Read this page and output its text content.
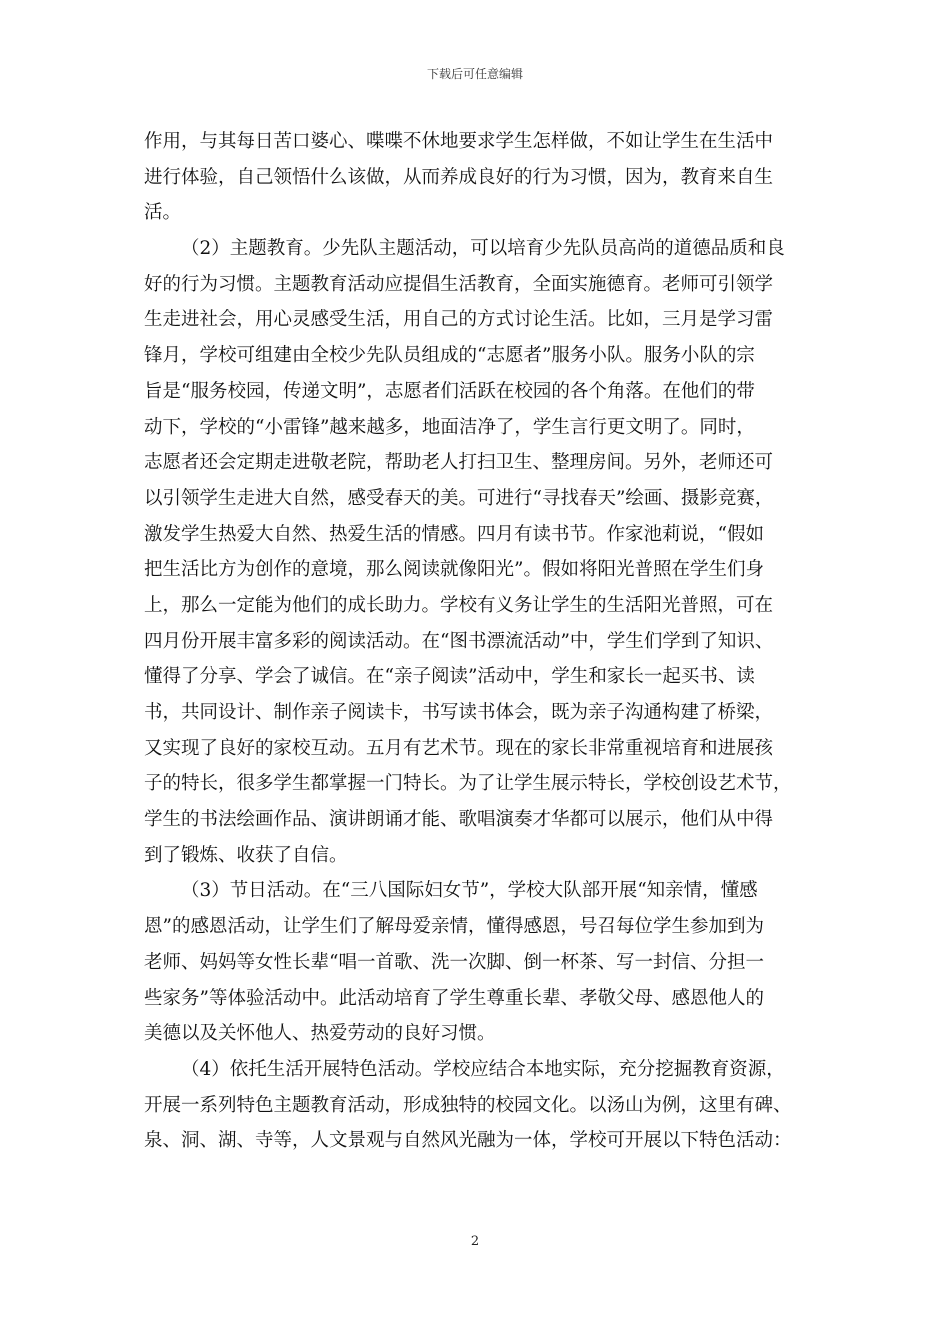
下载后可任意编辑
作用，与其每日苦口婆心、喋喋不休地要求学生怎样做，不如让学生在生活中
进行体验，自己领悟什么该做，从而养成良好的行为习惯，因为，教育来自生
活。
（2）主题教育。少先队主题活动，可以培育少先队员高尚的道德品质和良
好的行为习惯。主题教育活动应提倡生活教育，全面实施德育。老师可引领学
生走进社会，用心灵感受生活，用自己的方式讨论生活。比如，三月是学习雷
锋月，学校可组建由全校少先队员组成的“志愿者”服务小队。服务小队的宗
旨是“服务校园，传递文明”，志愿者们活跃在校园的各个角落。在他们的带
动下，学校的“小雷锋”越来越多，地面洁净了，学生言行更文明了。同时，
志愿者还会定期走进敬老院，帮助老人打扫卫生、整理房间。另外，老师还可
以引领学生走进大自然，感受春天的美。可进行“寻找春天”绘画、摄影竞赛，
激发学生热爱大自然、热爱生活的情感。四月有读书节。作家池莉说，“假如
把生活比方为创作的意境，那么阅读就像阳光”。假如将阳光普照在学生们身
上，那么一定能为他们的成长助力。学校有义务让学生的生活阳光普照，可在
四月份开展丰富多彩的阅读活动。在“图书漂流活动”中，学生们学到了知识、
懂得了分享、学会了诚信。在“亲子阅读”活动中，学生和家长一起买书、读
书，共同设计、制作亲子阅读卡，书写读书体会，既为亲子沟通构建了桥梁，
又实现了良好的家校互动。五月有艺术节。现在的家长非常重视培育和进展孩
子的特长，很多学生都掌握一门特长。为了让学生展示特长，学校创设艺术节，
学生的书法绘画作品、演讲朗诵才能、歌唱演奏才华都可以展示，他们从中得
到了锻炼、收获了自信。
（3）节日活动。在“三八国际妇女节”，学校大队部开展“知亲情，懂感
恩”的感恩活动，让学生们了解母爱亲情，懂得感恩，号召每位学生参加到为
老师、妈妈等女性长辈“唱一首歌、洗一次脚、倒一杯茶、写一封信、分担一
些家务”等体验活动中。此活动培育了学生尊重长辈、孝敬父母、感恩他人的
美德以及关怀他人、热爱劳动的良好习惯。
（4）依托生活开展特色活动。学校应结合本地实际，充分挖掘教育资源，
开展一系列特色主题教育活动，形成独特的校园文化。以汤山为例，这里有碑、
泉、洞、湖、寺等，人文景观与自然风光融为一体，学校可开展以下特色活动：
2
